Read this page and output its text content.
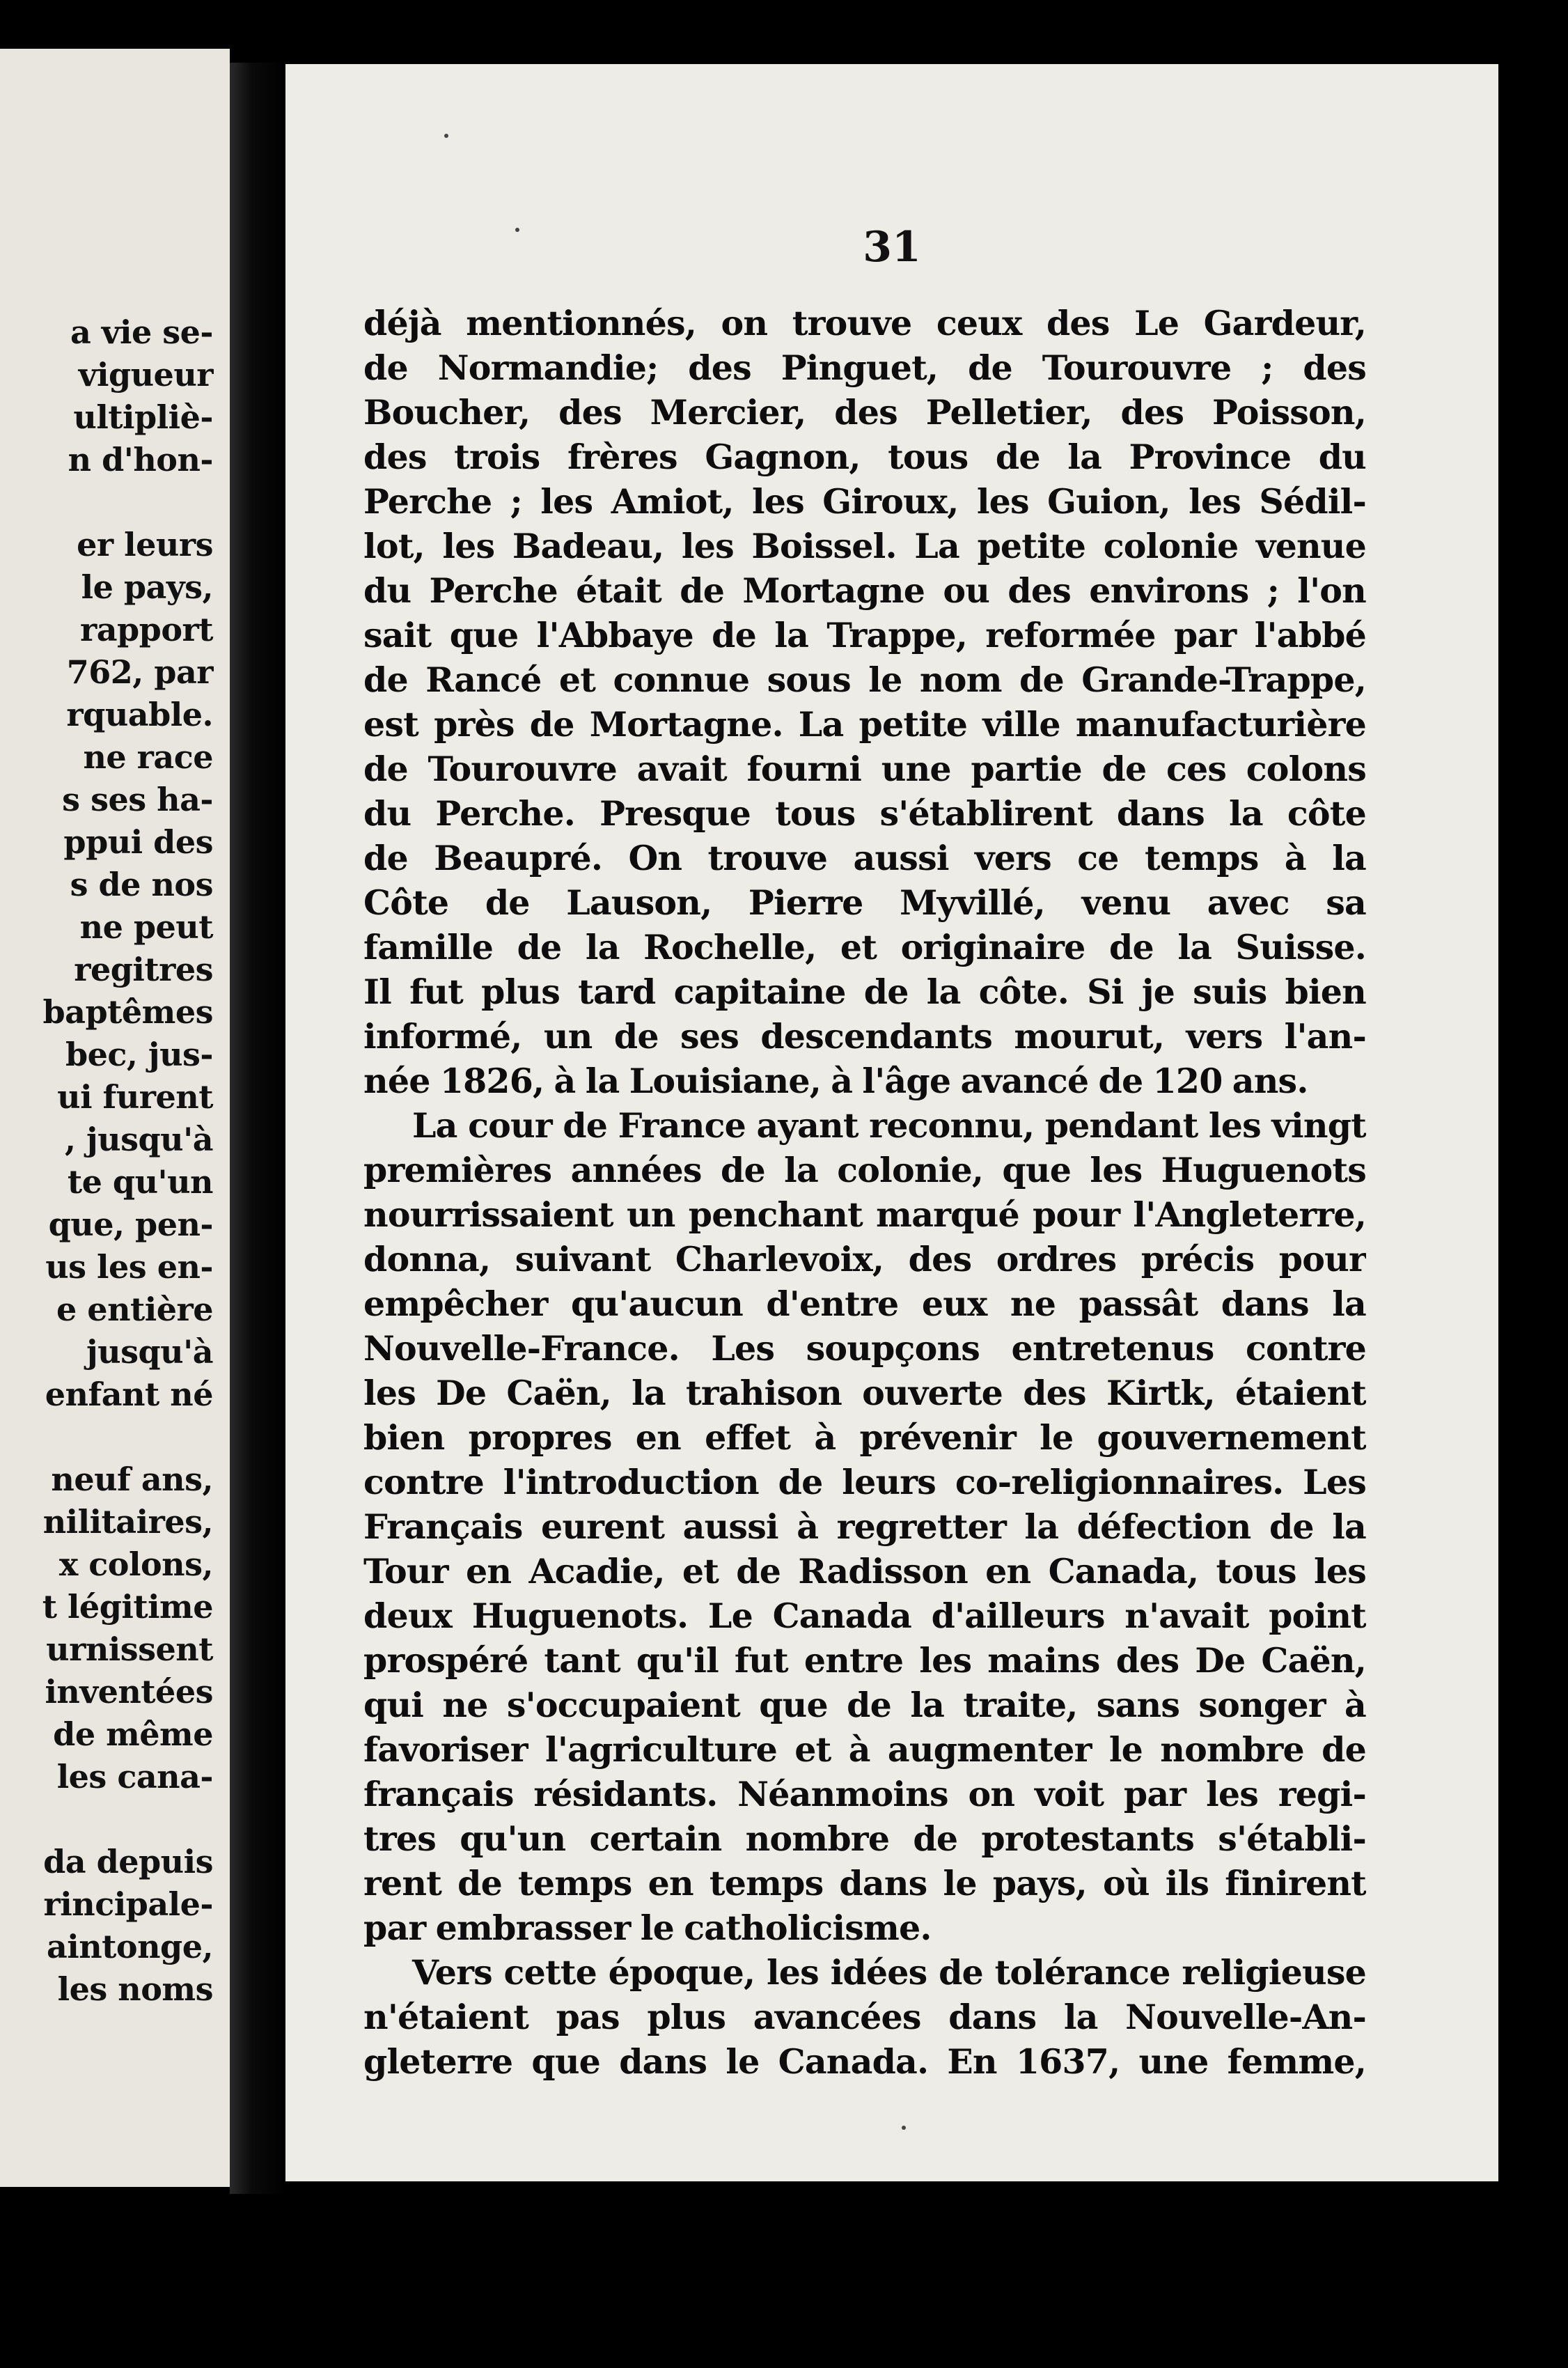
a vie se-
vigueur
ultipliè-
n d'hon-
er leurs
le pays,
rapport
762, par
rquable.
ne race
s ses ha-
ppui des
s de nos
ne peut
regitres
baptêmes
bec, jus-
ui furent
, jusqu'à
te qu'un
que, pen-
us les en-
e entière
jusqu'à
enfant né
neuf ans,
nilitaires,
x colons,
t légitime
urnissent
inventées
de même
les cana-
da depuis
rincipale-
aintonge,
les noms
31
déjà mentionnés, on trouve ceux des Le Gardeur,
de Normandie; des Pinguet, de Tourouvre ; des
Boucher, des Mercier, des Pelletier, des Poisson,
des trois frères Gagnon, tous de la Province du
Perche ; les Amiot, les Giroux, les Guion, les Sédil-
lot, les Badeau, les Boissel. La petite colonie venue
du Perche était de Mortagne ou des environs ; l'on
sait que l'Abbaye de la Trappe, reformée par l'abbé
de Rancé et connue sous le nom de Grande-Trappe,
est près de Mortagne. La petite ville manufacturière
de Tourouvre avait fourni une partie de ces colons
du Perche. Presque tous s'établirent dans la côte
de Beaupré. On trouve aussi vers ce temps à la
Côte de Lauson, Pierre Myvillé, venu avec sa
famille de la Rochelle, et originaire de la Suisse.
Il fut plus tard capitaine de la côte. Si je suis bien
informé, un de ses descendants mourut, vers l'an-
née 1826, à la Louisiane, à l'âge avancé de 120 ans.
La cour de France ayant reconnu, pendant les vingt
premières années de la colonie, que les Huguenots
nourrissaient un penchant marqué pour l'Angleterre,
donna, suivant Charlevoix, des ordres précis pour
empêcher qu'aucun d'entre eux ne passât dans la
Nouvelle-France. Les soupçons entretenus contre
les De Caën, la trahison ouverte des Kirtk, étaient
bien propres en effet à prévenir le gouvernement
contre l'introduction de leurs co-religionnaires. Les
Français eurent aussi à regretter la défection de la
Tour en Acadie, et de Radisson en Canada, tous les
deux Huguenots. Le Canada d'ailleurs n'avait point
prospéré tant qu'il fut entre les mains des De Caën,
qui ne s'occupaient que de la traite, sans songer à
favoriser l'agriculture et à augmenter le nombre de
français résidants. Néanmoins on voit par les regi-
tres qu'un certain nombre de protestants s'établi-
rent de temps en temps dans le pays, où ils finirent
par embrasser le catholicisme.
Vers cette époque, les idées de tolérance religieuse
n'étaient pas plus avancées dans la Nouvelle-An-
gleterre que dans le Canada. En 1637, une femme,
